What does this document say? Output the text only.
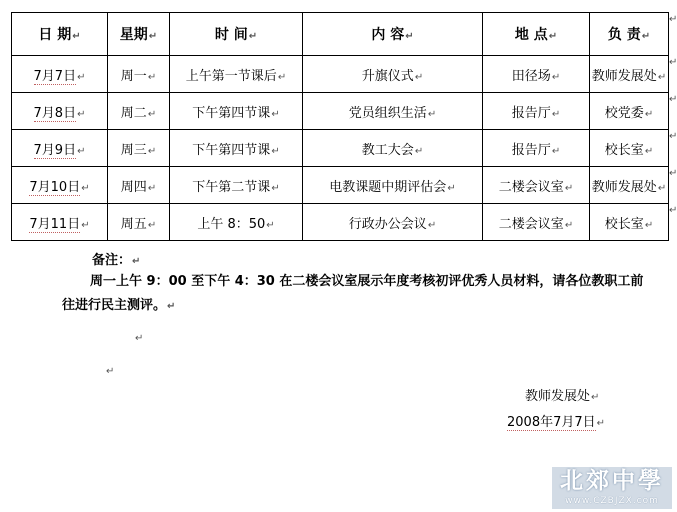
日 期↵	星期↵	时 间↵	内 容↵	地 点↵	负 责↵
7月7日↵	周一↵	上午第一节课后↵	升旗仪式↵	田径场↵	教师发展处↵
7月8日↵	周二↵	下午第四节课↵	党员组织生活↵	报告厅↵	校党委↵
7月9日↵	周三↵	下午第四节课↵	教工大会↵	报告厅↵	校长室↵
7月10日↵	周四↵	下午第二节课↵	电教课题中期评估会↵	二楼会议室↵	教师发展处↵
7月11日↵	周五↵	上午 8：50↵	行政办公会议↵	二楼会议室↵	校长室↵
↵
↵
↵
↵
↵
↵
备注：↵
周一上午 9：00 至下午 4：30 在二楼会议室展示年度考核初评优秀人员材料，请各位教职工前往进行民主测评。↵
↵
↵
教师发展处↵
2008年7月7日↵
北郊中學
www.CZBJZX.com
